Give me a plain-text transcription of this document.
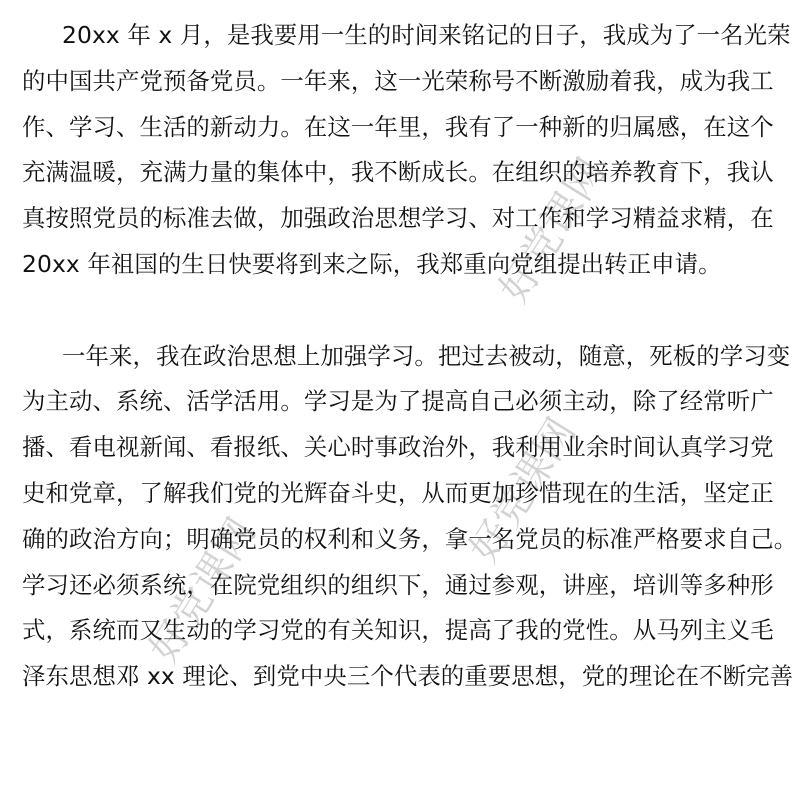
好党课网
好党课网
好党课网
20xx 年 x 月，是我要用一生的时间来铭记的日子，我成为了一名光荣
的中国共产党预备党员。一年来，这一光荣称号不断激励着我，成为我工
作、学习、生活的新动力。在这一年里，我有了一种新的归属感，在这个
充满温暖，充满力量的集体中，我不断成长。在组织的培养教育下，我认
真按照党员的标准去做，加强政治思想学习、对工作和学习精益求精，在
20xx 年祖国的生日快要将到来之际，我郑重向党组提出转正申请。
一年来，我在政治思想上加强学习。把过去被动，随意，死板的学习变
为主动、系统、活学活用。学习是为了提高自己必须主动，除了经常听广
播、看电视新闻、看报纸、关心时事政治外，我利用业余时间认真学习党
史和党章，了解我们党的光辉奋斗史，从而更加珍惜现在的生活，坚定正
确的政治方向；明确党员的权利和义务，拿一名党员的标准严格要求自己。
学习还必须系统，在院党组织的组织下，通过参观，讲座，培训等多种形
式，系统而又生动的学习党的有关知识，提高了我的党性。从马列主义毛
泽东思想邓 xx 理论、到党中央三个代表的重要思想，党的理论在不断完善
